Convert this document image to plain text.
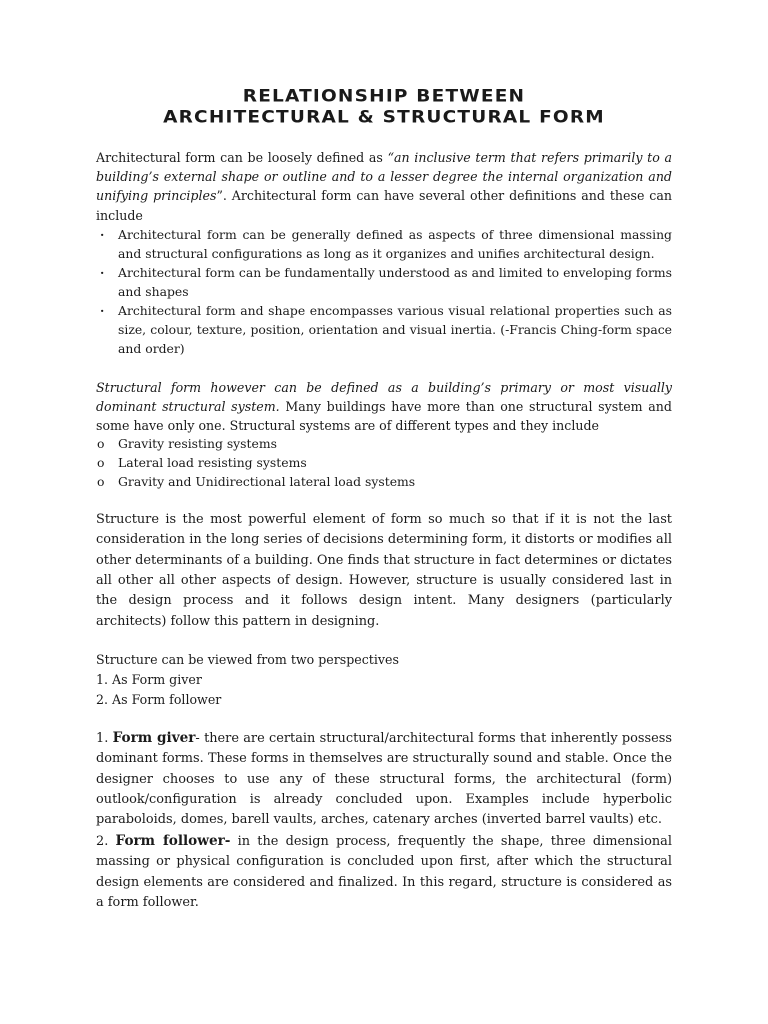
RELATIONSHIP BETWEEN
ARCHITECTURAL & STRUCTURAL FORM

Architectural form can be loosely defined as “an inclusive term that refers primarily to a building’s external shape or outline and to a lesser degree the internal organization and unifying principles”. Architectural form can have several other definitions and these can include

· Architectural form can be generally defined as aspects of three dimensional massing and structural configurations as long as it organizes and unifies architectural design.
· Architectural form can be fundamentally understood as and limited to enveloping forms and shapes
· Architectural form and shape encompasses various visual relational properties such as size, colour, texture, position, orientation and visual inertia. (-Francis Ching-form space and order)

Structural form however can be defined as a building’s primary or most visually dominant structural system. Many buildings have more than one structural system and some have only one. Structural systems are of different types and they include

o Gravity resisting systems
o Lateral load resisting systems
o Gravity and Unidirectional lateral load systems

Structure is the most powerful element of form so much so that if it is not the last consideration in the long series of decisions determining form, it distorts or modifies all other determinants of a building. One finds that structure in fact determines or dictates all other all other aspects of design. However, structure is usually considered last in the design process and it follows design intent. Many designers (particularly architects) follow this pattern in designing.

Structure can be viewed from two perspectives

1. As Form giver
2. As Form follower

1. Form giver- there are certain structural/architectural forms that inherently possess dominant forms. These forms in themselves are structurally sound and stable. Once the designer chooses to use any of these structural forms, the architectural (form) outlook/configuration is already concluded upon. Examples include hyperbolic paraboloids, domes, barell vaults, arches, catenary arches (inverted barrel vaults) etc.

2. Form follower- in the design process, frequently the shape, three dimensional massing or physical configuration is concluded upon first, after which the structural design elements are considered and finalized. In this regard, structure is considered as a form follower.
